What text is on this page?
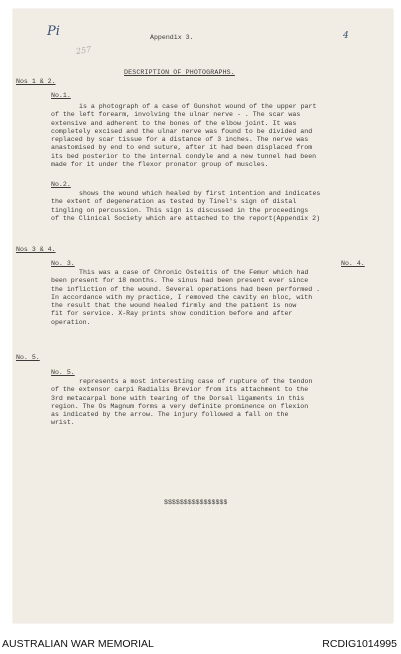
Pi
257
4
Appendix 3.
DESCRIPTION OF PHOTOGRAPHS.
Nos 1 & 2.
No.1.

is a photograph of a case of Gunshot wound of the upper part

of the left forearm, involving the ulnar nerve - . The scar was

extensive and adherent to the bones of the elbow joint. It was

completely excised and the ulnar nerve was found to be divided and

replaced by scar tissue for a distance of 3 inches. The nerve was

anastomised by end to end suture, after it had been displaced from

its bed posterior to the internal condyle and a new tunnel had been

made for it under the flexor pronator group of muscles.

No.2.

shows the wound which healed by first intention and indicates

the extent of degeneration as tested by Tinel's sign of distal

tingling on percussion. This sign is discussed in the proceedings

of the Clinical Society which are attached to the report(Appendix 2)

Nos 3 & 4.
No. 3.	No. 4.

This was a case of Chronic Osteitis of the Femur which had

been present for 18 months. The sinus had been present ever since

the infliction of the wound. Several operations had been performed .

In accordance with my practice, I removed the cavity en bloc, with

the result that the wound healed firmly and the patient is now

fit for service. X-Ray prints show condition before and after

operation.

No. 5.
No. 5.

represents a most interesting case of rupture of the tendon

of the extensor carpi Radialis Brevior from its attachment to the

3rd metacarpal bone with tearing of the Dorsal ligaments in this

region. The Os Magnum forms a very definite prominence on flexion

as indicated by the arrow. The injury followed a fall on the

wrist.

$$$$$$$$$$$$$$$$
AUSTRALIAN WAR MEMORIAL	RCDIG1014995
